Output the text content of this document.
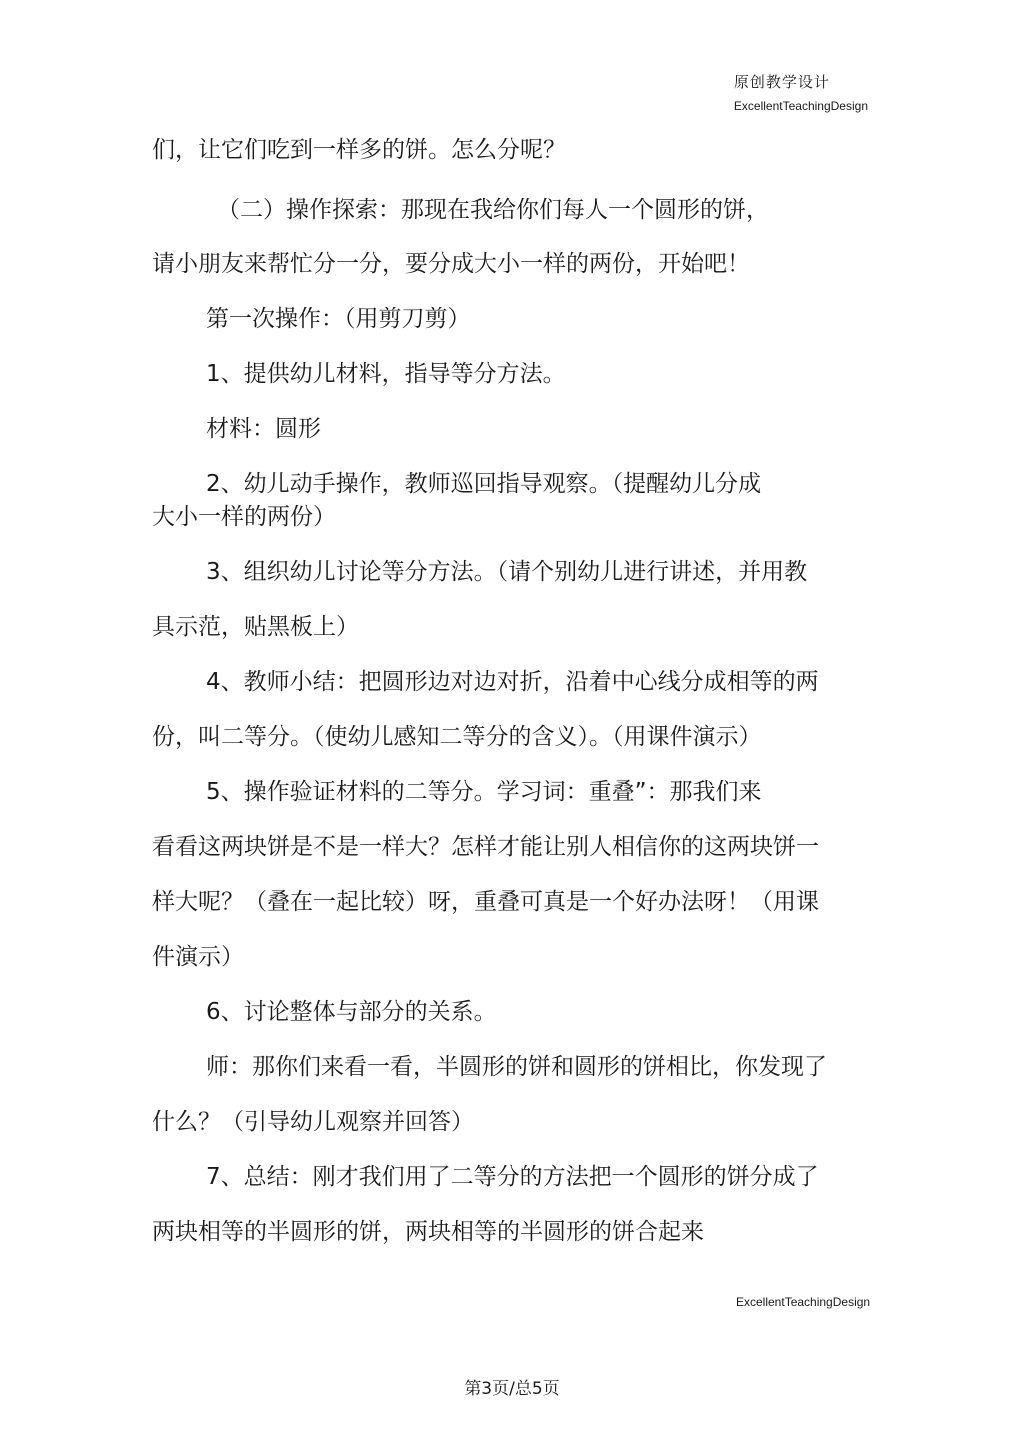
原创教学设计
ExcellentTeachingDesign

们，让它们吃到一样多的饼。怎么分呢？

（二）操作探索：那现在我给你们每人一个圆形的饼，

请小朋友来帮忙分一分，要分成大小一样的两份，开始吧！

第一次操作：（用剪刀剪）

1、提供幼儿材料，指导等分方法。

材料：圆形

2、幼儿动手操作，教师巡回指导观察。（提醒幼儿分成

大小一样的两份）

3、组织幼儿讨论等分方法。（请个别幼儿进行讲述，并用教

具示范，贴黑板上）

4、教师小结：把圆形边对边对折，沿着中心线分成相等的两

份，叫二等分。（使幼儿感知二等分的含义）。（用课件演示）

5、操作验证材料的二等分。学习词：重叠”：那我们来

看看这两块饼是不是一样大？怎样才能让别人相信你的这两块饼一

样大呢？（叠在一起比较）呀，重叠可真是一个好办法呀！（用课

件演示）

6、讨论整体与部分的关系。

师：那你们来看一看，半圆形的饼和圆形的饼相比，你发现了

什么？（引导幼儿观察并回答）

7、总结：刚才我们用了二等分的方法把一个圆形的饼分成了

两块相等的半圆形的饼，两块相等的半圆形的饼合起来

ExcellentTeachingDesign
第3页/总5页
